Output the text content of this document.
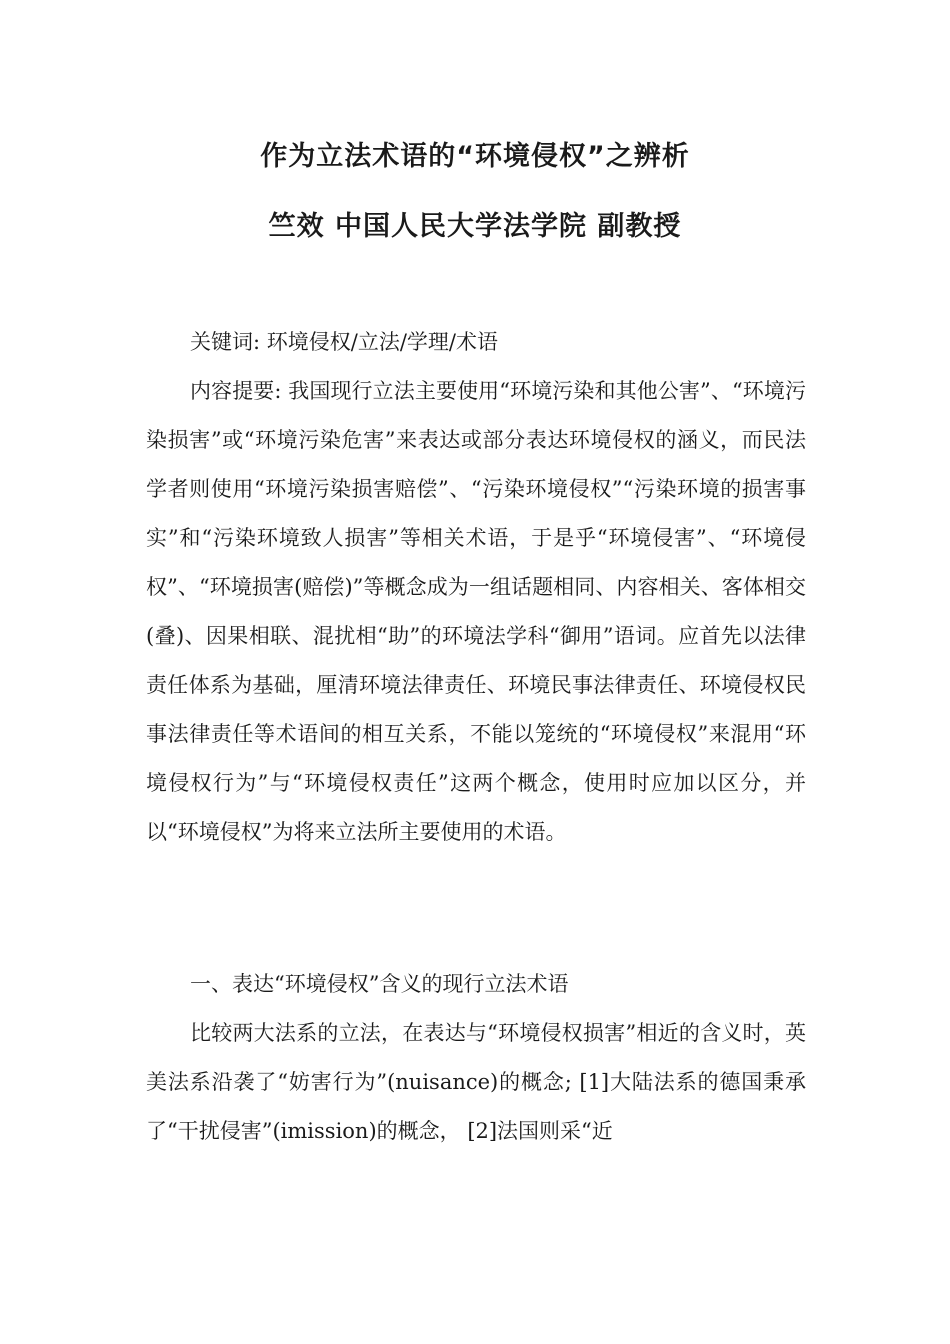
作为立法术语的“环境侵权”之辨析
竺效 中国人民大学法学院 副教授

关键词: 环境侵权/立法/学理/术语

内容提要: 我国现行立法主要使用“环境污染和其他公害”、“环境污染损害”或“环境污染危害”来表达或部分表达环境侵权的涵义，而民法学者则使用“环境污染损害赔偿”、“污染环境侵权”“污染环境的损害事实”和“污染环境致人损害”等相关术语，于是乎“环境侵害”、“环境侵权”、“环境损害(赔偿)”等概念成为一组话题相同、内容相关、客体相交(叠)、因果相联、混扰相“助”的环境法学科“御用”语词。应首先以法律责任体系为基础，厘清环境法律责任、环境民事法律责任、环境侵权民事法律责任等术语间的相互关系，不能以笼统的“环境侵权”来混用“环境侵权行为”与“环境侵权责任”这两个概念，使用时应加以区分，并以“环境侵权”为将来立法所主要使用的术语。

一、表达“环境侵权”含义的现行立法术语

比较两大法系的立法，在表达与“环境侵权损害”相近的含义时，英美法系沿袭了“妨害行为”(nuisance)的概念; [1]大陆法系的德国秉承了“干扰侵害”(imission)的概念， [2]法国则采“近
